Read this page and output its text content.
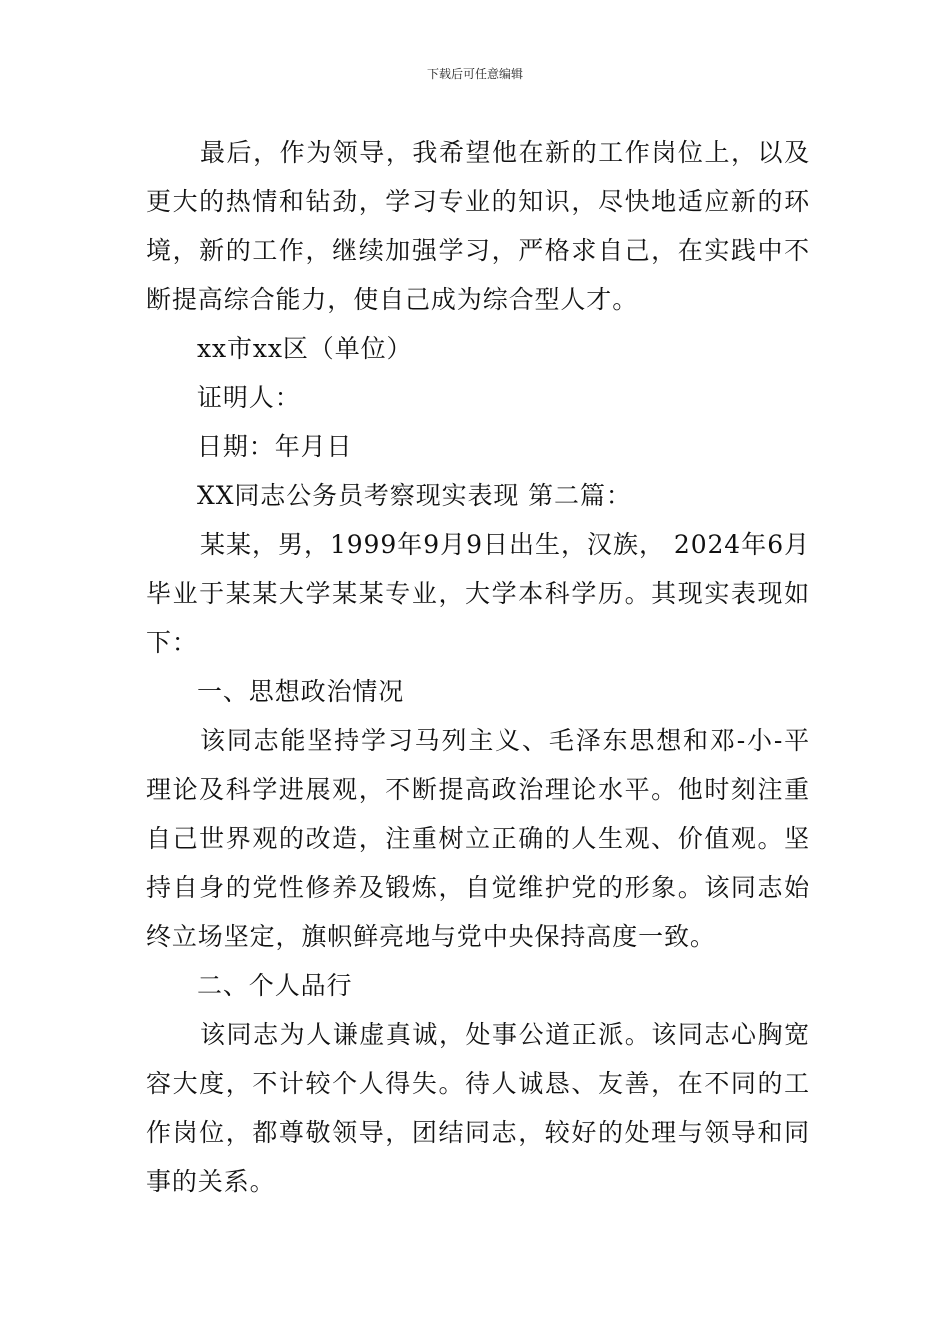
下载后可任意编辑

最后，作为领导，我希望他在新的工作岗位上，以及更大的热情和钻劲，学习专业的知识，尽快地适应新的环境，新的工作，继续加强学习，严格求自己，在实践中不断提高综合能力，使自己成为综合型人才。

xx市xx区（单位）

证明人：

日期：年月日

XX同志公务员考察现实表现 第二篇：

某某，男，1999年9月9日出生，汉族， 2024年6月毕业于某某大学某某专业，大学本科学历。其现实表现如下：

一、思想政治情况

该同志能坚持学习马列主义、毛泽东思想和邓-小-平理论及科学进展观，不断提高政治理论水平。他时刻注重自己世界观的改造，注重树立正确的人生观、价值观。坚持自身的党性修养及锻炼，自觉维护党的形象。该同志始终立场坚定，旗帜鲜亮地与党中央保持高度一致。

二、个人品行

该同志为人谦虚真诚，处事公道正派。该同志心胸宽容大度，不计较个人得失。待人诚恳、友善，在不同的工作岗位，都尊敬领导，团结同志，较好的处理与领导和同事的关系。
